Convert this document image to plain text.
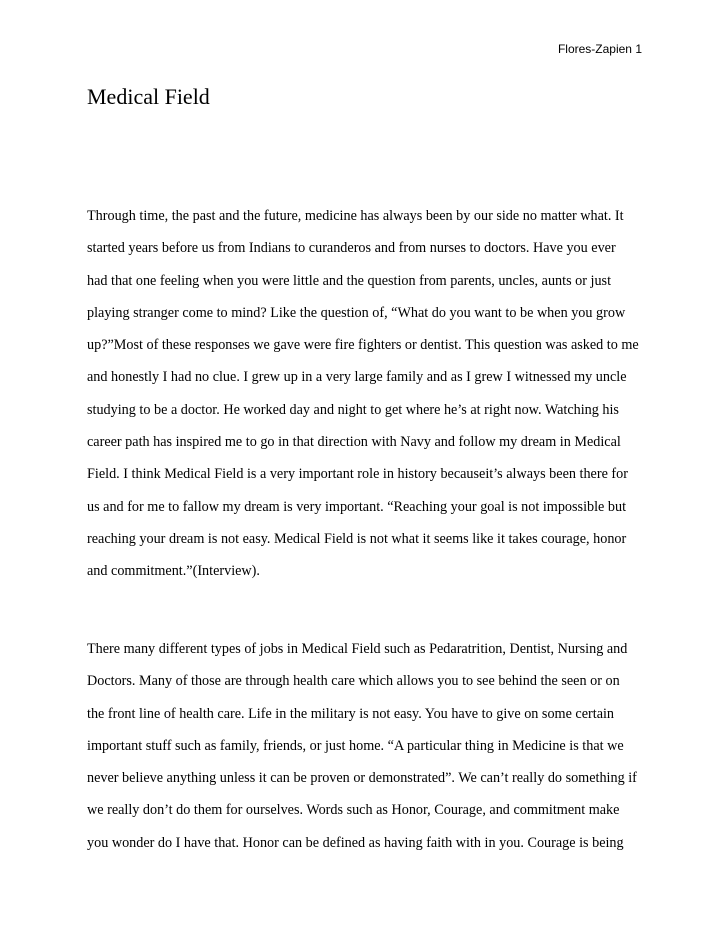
Flores-Zapien 1
Medical Field
Through time, the past and the future, medicine has always been by our side no matter what. It
started years before us from Indians to curanderos and from nurses to doctors. Have you ever
had that one feeling when you were little and the question from parents, uncles, aunts or just
playing stranger come to mind? Like the question of, “What do you want to be when you grow
up?”Most of these responses we gave were fire fighters or dentist. This question was asked to me
and honestly I had no clue. I grew up in a very large family and as I grew I witnessed my uncle
studying to be a doctor. He worked day and night to get where he’s at right now. Watching his
career path has inspired me to go in that direction with Navy and follow my dream in Medical
Field. I think Medical Field is a very important role in history becauseit’s always been there for
us and for me to fallow my dream is very important. “Reaching your goal is not impossible but
reaching your dream is not easy. Medical Field is not what it seems like it takes courage, honor
and commitment.”(Interview).
There many different types of jobs in Medical Field such as Pedaratrition, Dentist, Nursing and
Doctors. Many of those are through health care which allows you to see behind the seen or on
the front line of health care. Life in the military is not easy. You have to give on some certain
important stuff such as family, friends, or just home. “A particular thing in Medicine is that we
never believe anything unless it can be proven or demonstrated”. We can’t really do something if
we really don’t do them for ourselves. Words such as Honor, Courage, and commitment make
you wonder do I have that. Honor can be defined as having faith with in you. Courage is being
